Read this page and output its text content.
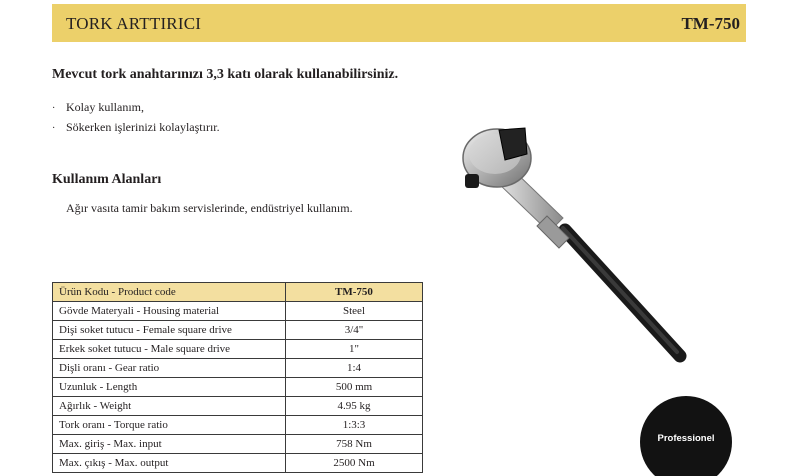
TORK ARTTIRICI	TM-750
Mevcut tork anahtarınızı 3,3 katı olarak kullanabilirsiniz.
· Kolay kullanım,
· Sökerken işlerinizi kolaylaştırır.
Kullanım Alanları
Ağır vasıta tamir bakım servislerinde, endüstriyel kullanım.
Ürün Kodu - Product code	TM-750
Gövde Materyali - Housing material	Steel
Dişi soket tutucu - Female square drive	3/4"
Erkek soket tutucu - Male square drive	1"
Dişli oranı - Gear ratio	1:4
Uzunluk - Length	500 mm
Ağırlık - Weight	4.95 kg
Tork oranı - Torque ratio	1:3:3
Max. giriş - Max. input	758 Nm
Max. çıkış - Max. output	2500 Nm
Professionel
